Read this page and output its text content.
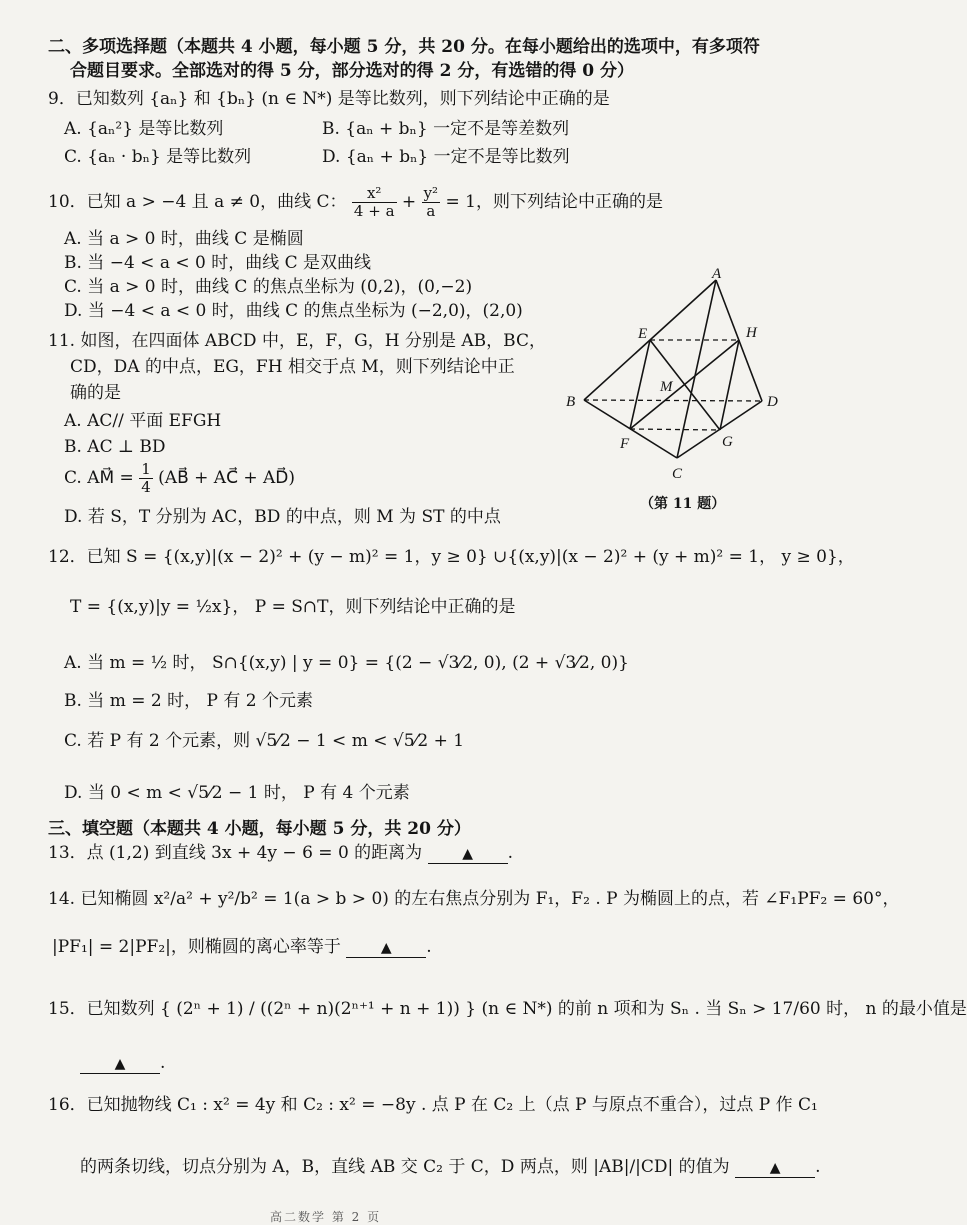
二、多项选择题（本题共 4 小题，每小题 5 分，共 20 分。在每小题给出的选项中，有多项符
合题目要求。全部选对的得 5 分，部分选对的得 2 分，有选错的得 0 分）
9．已知数列 {aₙ} 和 {bₙ} (n ∈ N*) 是等比数列，则下列结论中正确的是
A. {aₙ²} 是等比数列	B. {aₙ + bₙ} 一定不是等差数列
C. {aₙ · bₙ} 是等比数列	D. {aₙ + bₙ} 一定不是等比数列
10．已知 a > −4 且 a ≠ 0，曲线 C： $\frac{\text{x²}}{4 + a} + \frac{\text{y²}}{a} = 1$，则下列结论中正确的是
A. 当 a > 0 时，曲线 C 是椭圆
B. 当 −4 < a < 0 时，曲线 C 是双曲线
C. 当 a > 0 时，曲线 C 的焦点坐标为 (0,2)，(0,−2)
D. 当 −4 < a < 0 时，曲线 C 的焦点坐标为 (−2,0)，(2,0)
11. 如图，在四面体 ABCD 中，E，F，G，H 分别是 AB，BC，
CD，DA 的中点，EG，FH 相交于点 M，则下列结论中正
确的是
A. AC// 平面 EFGH
B. AC ⊥ BD
C. AM⃗ = $\frac{1}{4}$ (AB⃗ + AC⃗ + AD⃗)
D. 若 S，T 分别为 AC，BD 的中点，则 M 为 ST 的中点
A
B
C
D
E
F	G
H
M
（第 11 题）
12．已知 S = {(x,y)|(x − 2)² + (y − m)² = 1，y ≥ 0} ∪{(x,y)|(x − 2)² + (y + m)² = 1， y ≥ 0}，
T = {(x,y)|y = ½x}， P = S∩T，则下列结论中正确的是
A. 当 m = ½ 时， S∩{(x,y) | y = 0} = {(2 − √3⁄2, 0), (2 + √3⁄2, 0)}
B. 当 m = 2 时， P 有 2 个元素
C. 若 P 有 2 个元素，则 √5⁄2 − 1 < m < √5⁄2 + 1
D. 当 0 < m < √5⁄2 − 1 时， P 有 4 个元素
三、填空题（本题共 4 小题，每小题 5 分，共 20 分）
13．点 (1,2) 到直线 3x + 4y − 6 = 0 的距离为	▲ .
14. 已知椭圆 x²/a² + y²/b² = 1(a > b > 0) 的左右焦点分别为 F₁，F₂ . P 为椭圆上的点，若 ∠F₁PF₂ = 60°，
|PF₁| = 2|PF₂|，则椭圆的离心率等于	▲ .
15．已知数列 { (2ⁿ + 1) / ((2ⁿ + n)(2ⁿ⁺¹ + n + 1)) } (n ∈ N*) 的前 n 项和为 Sₙ . 当 Sₙ > 17/60 时， n 的最小值是
▲ .
16．已知抛物线 C₁ : x² = 4y 和 C₂ : x² = −8y . 点 P 在 C₂ 上（点 P 与原点不重合），过点 P 作 C₁
的两条切线，切点分别为 A，B，直线 AB 交 C₂ 于 C，D 两点，则 |AB|/|CD| 的值为	▲ .
高二数学 第 2 页
